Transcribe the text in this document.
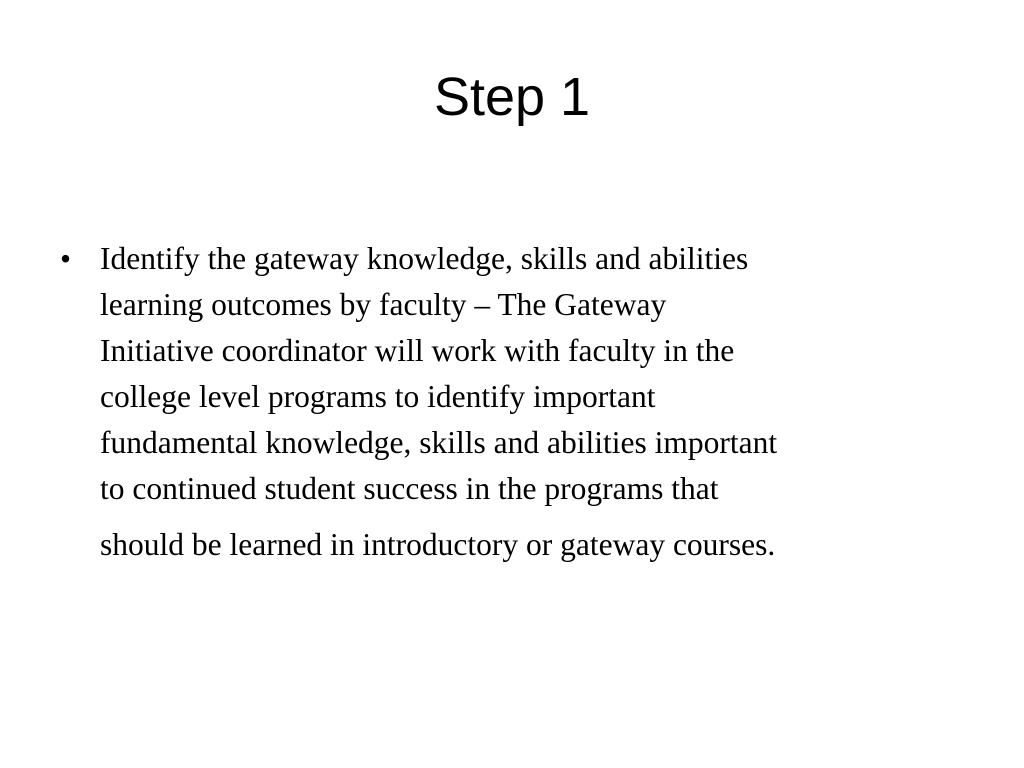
Step 1
• Identify the gateway knowledge, skills and abilities
learning outcomes by faculty – The Gateway
Initiative coordinator will work with faculty in the
college level programs to identify important
fundamental knowledge, skills and abilities important
to continued student success in the programs that
should be learned in introductory or gateway courses.
